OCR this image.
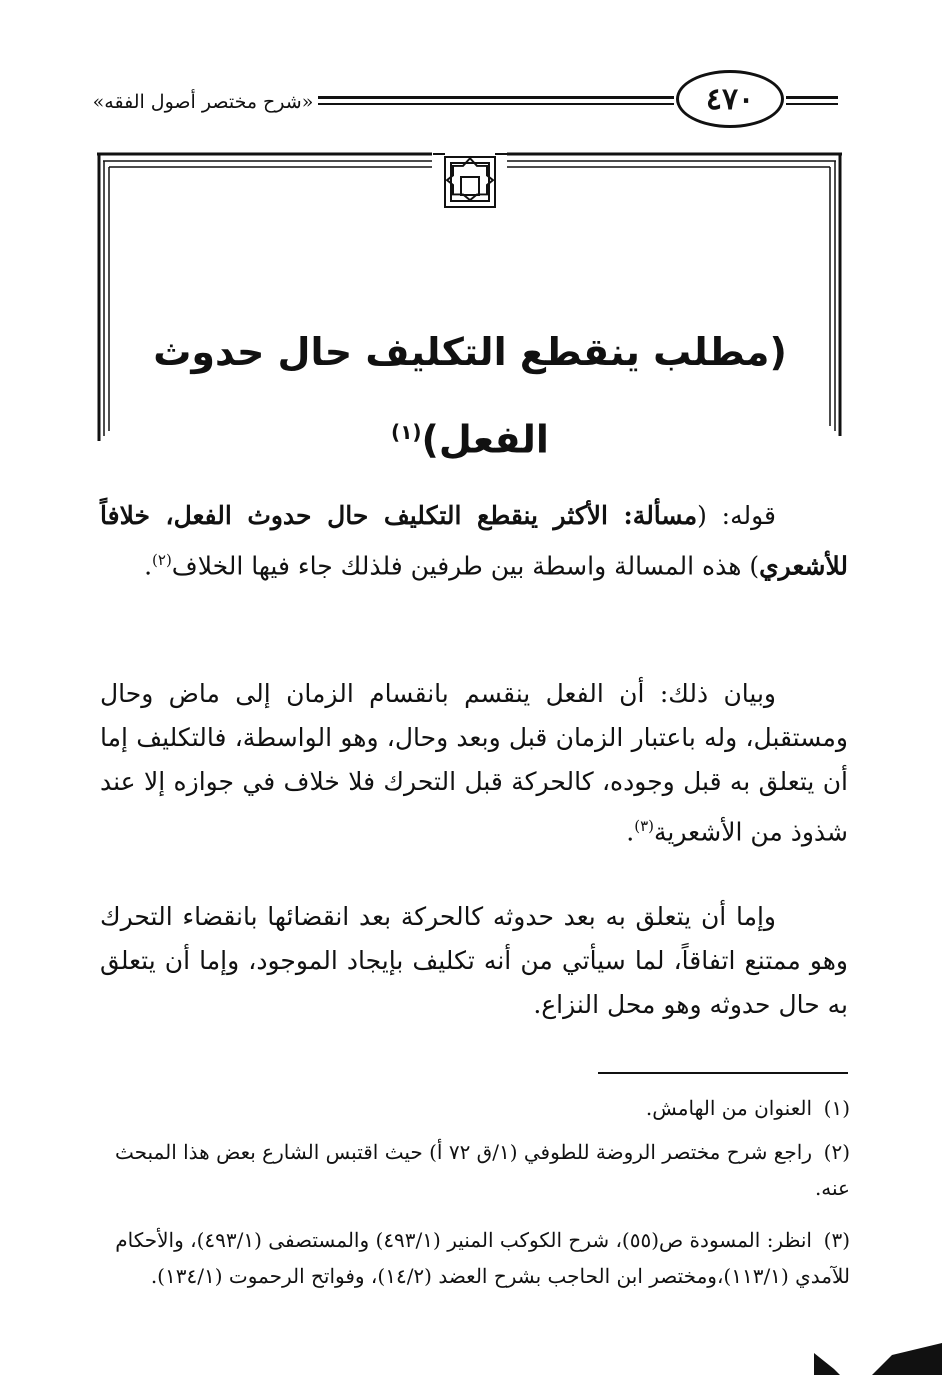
«شرح مختصر أصول الفقه»	٤٧٠
(مطلب ينقطع التكليف حال حدوث الفعل)$^{(١)}$
قوله: (مسألة: الأكثر ينقطع التكليف حال حدوث الفعل، خلافاً للأشعري) هذه المسالة واسطة بين طرفين فلذلك جاء فيها الخلاف$^{(٢)}$.
وبيان ذلك: أن الفعل ينقسم بانقسام الزمان إلى ماض وحال ومستقبل، وله باعتبار الزمان قبل وبعد وحال، وهو الواسطة، فالتكليف إما أن يتعلق به قبل وجوده، كالحركة قبل التحرك فلا خلاف في جوازه إلا عند شذوذ من الأشعرية$^{(٣)}$.
وإما أن يتعلق به بعد حدوثه كالحركة بعد انقضائها بانقضاء التحرك وهو ممتنع اتفاقاً، لما سيأتي من أنه تكليف بإيجاد الموجود، وإما أن يتعلق به حال حدوثه وهو محل النزاع.
(١)العنوان من الهامش.
(٢)راجع شرح مختصر الروضة للطوفي (١/ق ٧٢ أ) حيث اقتبس الشارع بعض هذا المبحث عنه.
(٣)انظر: المسودة ص(٥٥)، شرح الكوكب المنير (٤٩٣/١) والمستصفى (٤٩٣/١)، والأحكام للآمدي (١١٣/١)،ومختصر ابن الحاجب بشرح العضد (١٤/٢)، وفواتح الرحموت (١٣٤/١).
